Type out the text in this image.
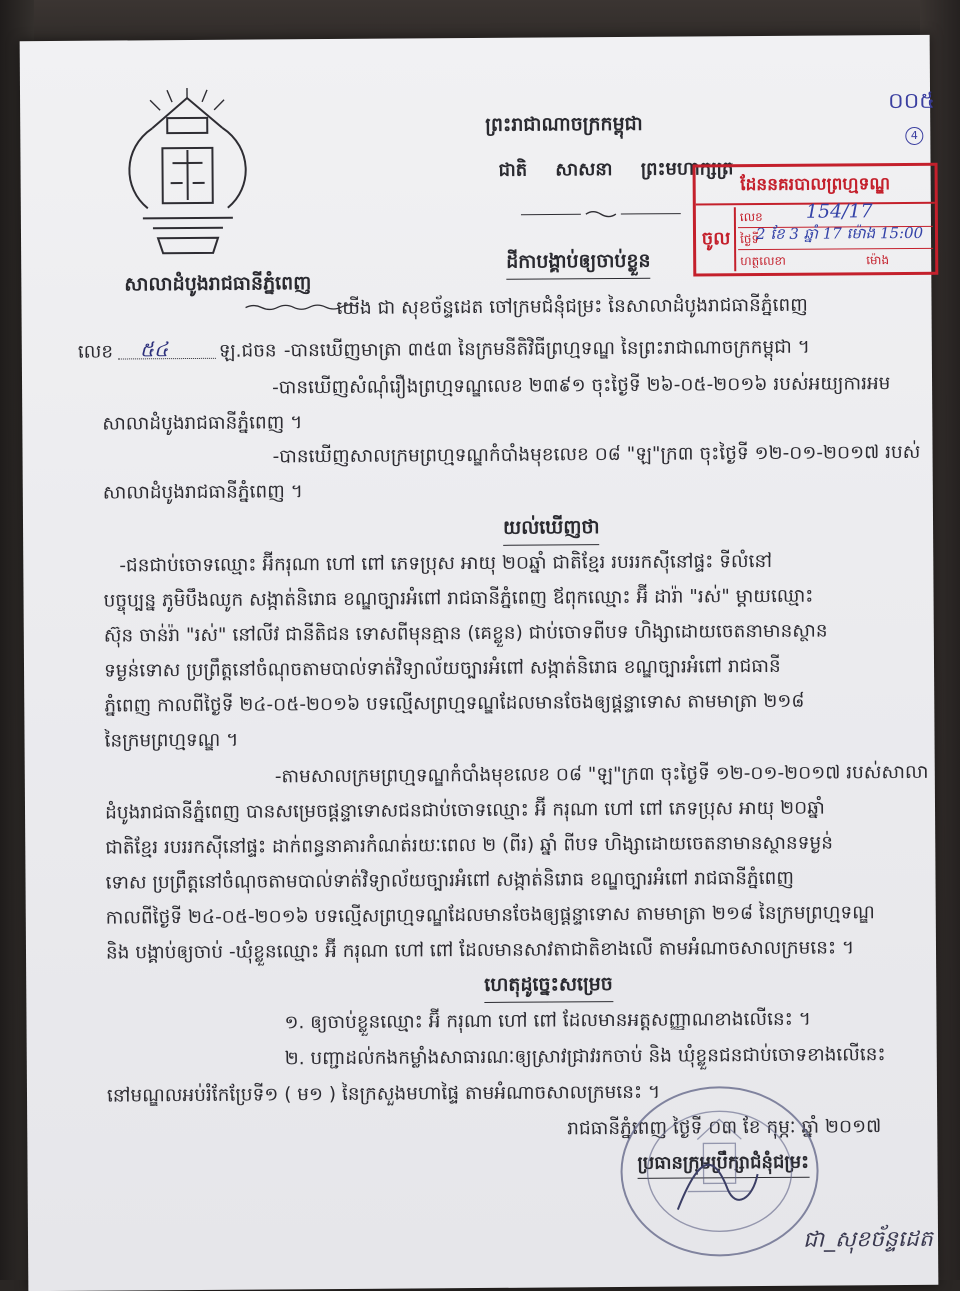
សាលាដំបូងរាជធានីភ្នំពេញ
ព្រះរាជាណាចក្រកម្ពុជា
ជាតិ សាសនា ព្រះមហាក្សត្រ
០០៥
4
ដែននគរបាលព្រហ្មទណ្ឌ
ចូល
លេខ
ថ្ងៃទី
ហត្ថលេខា	ម៉ោង
154/17
2 ខែ 3 ឆ្នាំ 17 ម៉ោង 15:00
ដីកាបង្គាប់ឲ្យចាប់ខ្លួន
យើង ជា សុខច័ន្ទដេត ចៅក្រមជំនុំជម្រះ នៃសាលាដំបូងរាជធានីភ្នំពេញ
លេខ ៥៤	ឡ.ជចន -បានឃើញមាត្រា ៣៥៣ នៃក្រមនីតិវិធីព្រហ្មទណ្ឌ នៃព្រះរាជាណាចក្រកម្ពុជា ។
-បានឃើញសំណុំរឿងព្រហ្មទណ្ឌលេខ ២៣៩១ ចុះថ្ងៃទី ២៦-០៥-២០១៦ របស់អយ្យការអម
សាលាដំបូងរាជធានីភ្នំពេញ ។
-បានឃើញសាលក្រមព្រហ្មទណ្ឌកំបាំងមុខលេខ ០៨ "ឡ"ក្រ៣ ចុះថ្ងៃទី ១២-០១-២០១៧ របស់
សាលាដំបូងរាជធានីភ្នំពេញ ។
យល់ឃើញថា
-ជនជាប់ចោទឈ្មោះ អ៊ីករុណា ហៅ ពៅ ភេទប្រុស អាយុ ២០ឆ្នាំ ជាតិខ្មែរ របររកស៊ីនៅផ្ទះ ទីលំនៅ
បច្ចុប្បន្ន ភូមិបឹងឈូក សង្កាត់និរោធ ខណ្ឌច្បារអំពៅ រាជធានីភ្នំពេញ ឪពុកឈ្មោះ អ៊ី ដារ៉ា "រស់" ម្ដាយឈ្មោះ
ស៊ុន ចាន់រ៉ា "រស់" នៅលីវ ជានីតិជន ទោសពីមុនគ្មាន (គេខ្លួន) ជាប់ចោទពីបទ ហិង្សាដោយចេតនាមានស្ថាន
ទម្ងន់ទោស ប្រព្រឹត្តនៅចំណុចតាមបាល់ទាត់វិទ្យាល័យច្បារអំពៅ សង្កាត់និរោធ ខណ្ឌច្បារអំពៅ រាជធានី
ភ្នំពេញ កាលពីថ្ងៃទី ២៤-០៥-២០១៦ បទល្មើសព្រហ្មទណ្ឌដែលមានចែងឲ្យផ្ដន្ទាទោស តាមមាត្រា ២១៨
នៃក្រមព្រហ្មទណ្ឌ ។
-តាមសាលក្រមព្រហ្មទណ្ឌកំបាំងមុខលេខ ០៨ "ឡ"ក្រ៣ ចុះថ្ងៃទី ១២-០១-២០១៧ របស់សាលា
ដំបូងរាជធានីភ្នំពេញ បានសម្រេចផ្ដន្ទាទោសជនជាប់ចោទឈ្មោះ អ៊ី ករុណា ហៅ ពៅ ភេទប្រុស អាយុ ២០ឆ្នាំ
ជាតិខ្មែរ របររកស៊ីនៅផ្ទះ ដាក់ពន្ធនាគារកំណត់រយៈពេល ២ (ពីរ) ឆ្នាំ ពីបទ ហិង្សាដោយចេតនាមានស្ថានទម្ងន់
ទោស ប្រព្រឹត្តនៅចំណុចតាមបាល់ទាត់វិទ្យាល័យច្បារអំពៅ សង្កាត់និរោធ ខណ្ឌច្បារអំពៅ រាជធានីភ្នំពេញ
កាលពីថ្ងៃទី ២៤-០៥-២០១៦ បទល្មើសព្រហ្មទណ្ឌដែលមានចែងឲ្យផ្ដន្ទាទោស តាមមាត្រា ២១៨ នៃក្រមព្រហ្មទណ្ឌ
និង បង្គាប់ឲ្យចាប់ -ឃុំខ្លួនឈ្មោះ អ៊ី ករុណា ហៅ ពៅ ដែលមានសាវតាជាតិខាងលើ តាមអំណាចសាលក្រមនេះ ។
ហេតុដូច្នេះសម្រេច
១. ឲ្យចាប់ខ្លួនឈ្មោះ អ៊ី ករុណា ហៅ ពៅ ដែលមានអត្តសញ្ញាណខាងលើនេះ ។
២. បញ្ជាដល់កងកម្លាំងសាធារណៈឲ្យស្រាវជ្រាវរកចាប់ និង ឃុំខ្លួនជនជាប់ចោទខាងលើនេះ
នៅមណ្ឌលអប់រំកែប្រែទី១ ( ម១ ) នៃក្រសួងមហាផ្ទៃ តាមអំណាចសាលក្រមនេះ ។
រាជធានីភ្នំពេញ ថ្ងៃទី ០៣ ខែ កុម្ភៈ ឆ្នាំ ២០១៧
ប្រធានក្រុមប្រឹក្សាជំនុំជម្រះ
ជា_សុខច័ន្ទដេត
